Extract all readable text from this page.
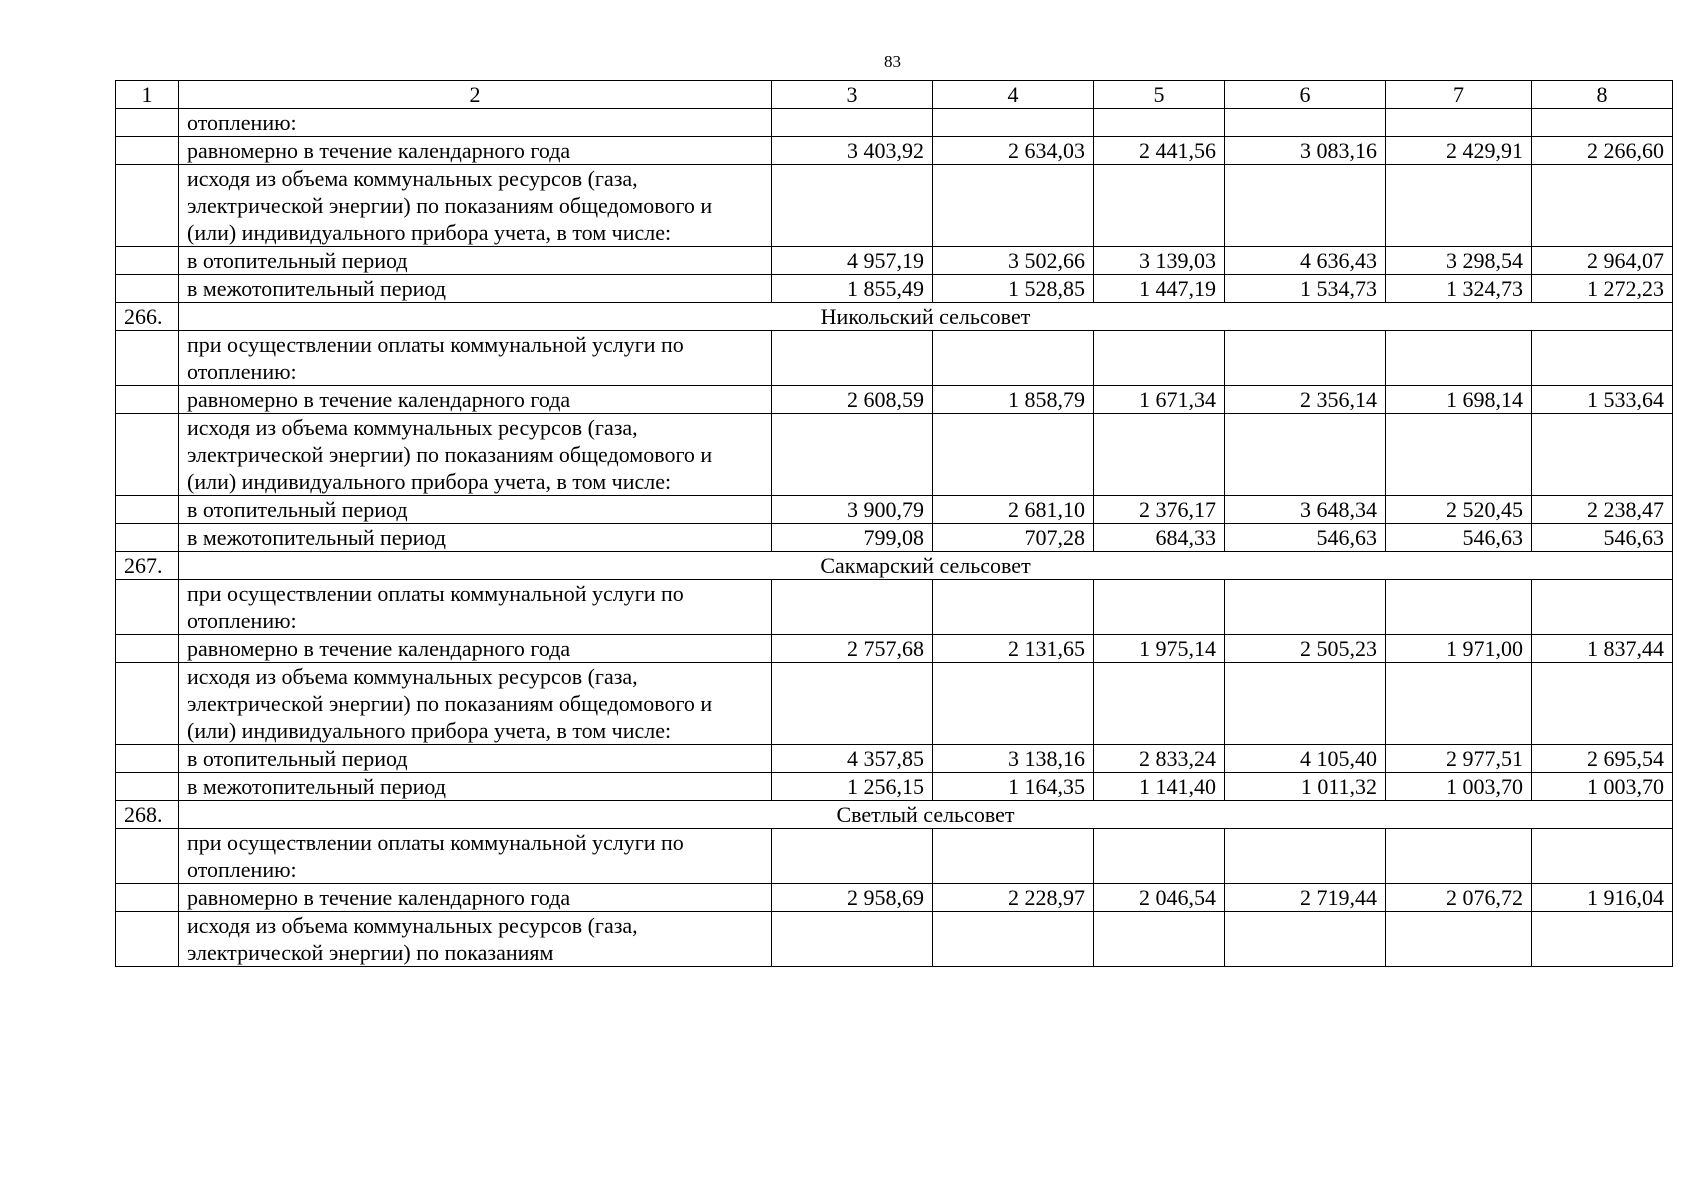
83
1	2	3	4	5	6	7	8
	отоплению:						
	равномерно в течение календарного года	3 403,92	2 634,03	2 441,56	3 083,16	2 429,91	2 266,60
	исходя из объема коммунальных ресурсов (газа, электрической энергии) по показаниям общедомового и (или) индивидуального прибора учета, в том числе:						
	в отопительный период	4 957,19	3 502,66	3 139,03	4 636,43	3 298,54	2 964,07
	в межотопительный период	1 855,49	1 528,85	1 447,19	1 534,73	1 324,73	1 272,23
266.	Никольский сельсовет						
	при осуществлении оплаты коммунальной услуги по отоплению:						
	равномерно в течение календарного года	2 608,59	1 858,79	1 671,34	2 356,14	1 698,14	1 533,64
	исходя из объема коммунальных ресурсов (газа, электрической энергии) по показаниям общедомового и (или) индивидуального прибора учета, в том числе:						
	в отопительный период	3 900,79	2 681,10	2 376,17	3 648,34	2 520,45	2 238,47
	в межотопительный период	799,08	707,28	684,33	546,63	546,63	546,63
267.	Сакмарский сельсовет						
	при осуществлении оплаты коммунальной услуги по отоплению:						
	равномерно в течение календарного года	2 757,68	2 131,65	1 975,14	2 505,23	1 971,00	1 837,44
	исходя из объема коммунальных ресурсов (газа, электрической энергии) по показаниям общедомового и (или) индивидуального прибора учета, в том числе:						
	в отопительный период	4 357,85	3 138,16	2 833,24	4 105,40	2 977,51	2 695,54
	в межотопительный период	1 256,15	1 164,35	1 141,40	1 011,32	1 003,70	1 003,70
268.	Светлый сельсовет						
	при осуществлении оплаты коммунальной услуги по отоплению:						
	равномерно в течение календарного года	2 958,69	2 228,97	2 046,54	2 719,44	2 076,72	1 916,04
	исходя из объема коммунальных ресурсов (газа, электрической энергии) по показаниям						
